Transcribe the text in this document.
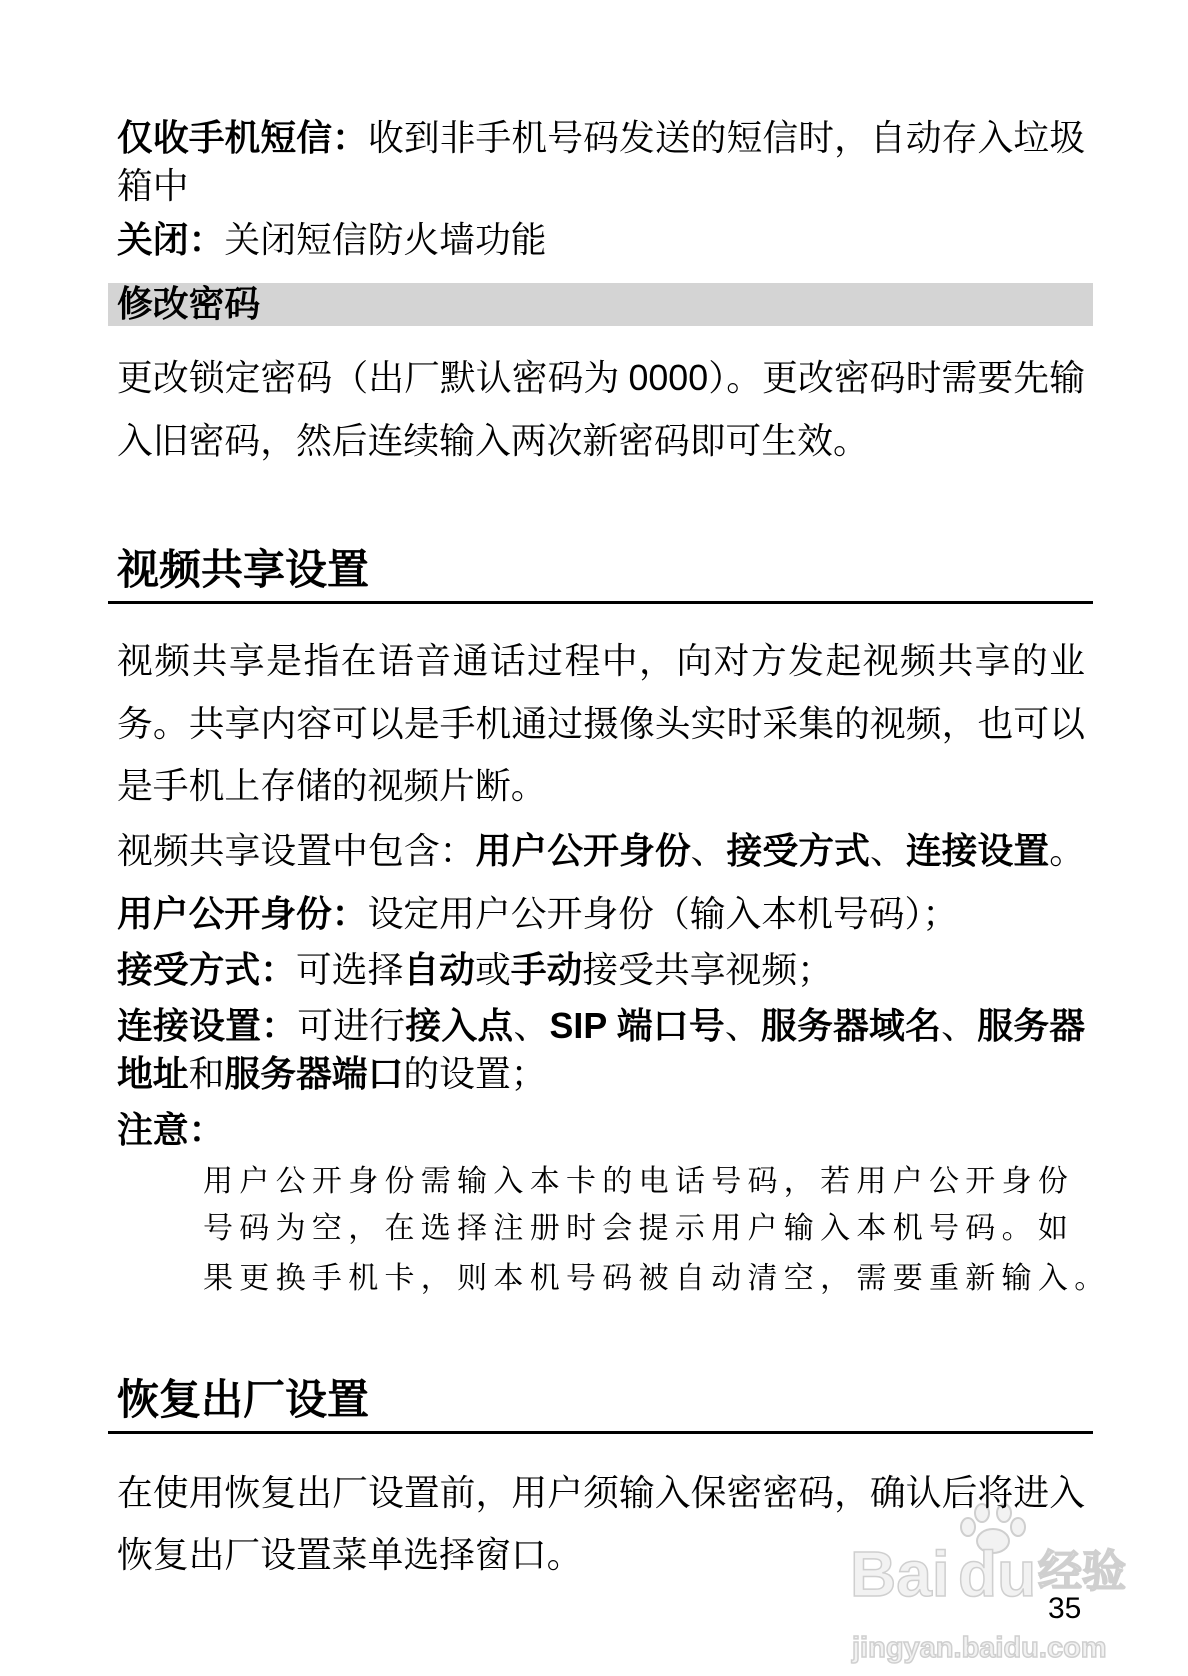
仅收手机短信：收到非手机号码发送的短信时，自动存入垃圾
箱中
关闭：关闭短信防火墙功能
修改密码
更改锁定密码（出厂默认密码为 0000）。更改密码时需要先输
入旧密码，然后连续输入两次新密码即可生效。
视频共享设置
视频共享是指在语音通话过程中，向对方发起视频共享的业
务。共享内容可以是手机通过摄像头实时采集的视频，也可以
是手机上存储的视频片断。
视频共享设置中包含：用户公开身份、接受方式、连接设置。
用户公开身份：设定用户公开身份（输入本机号码）；
接受方式：可选择自动或手动接受共享视频；
连接设置：可进行接入点、SIP 端口号、服务器域名、服务器
地址和服务器端口的设置；
注意：
用户公开身份需输入本卡的电话号码，若用户公开身份
号码为空，在选择注册时会提示用户输入本机号码。如
果更换手机卡，则本机号码被自动清空，需要重新输入。
恢复出厂设置
在使用恢复出厂设置前，用户须输入保密密码，确认后将进入
恢复出厂设置菜单选择窗口。	Bai du 经验
jingyan.baidu.com
35
